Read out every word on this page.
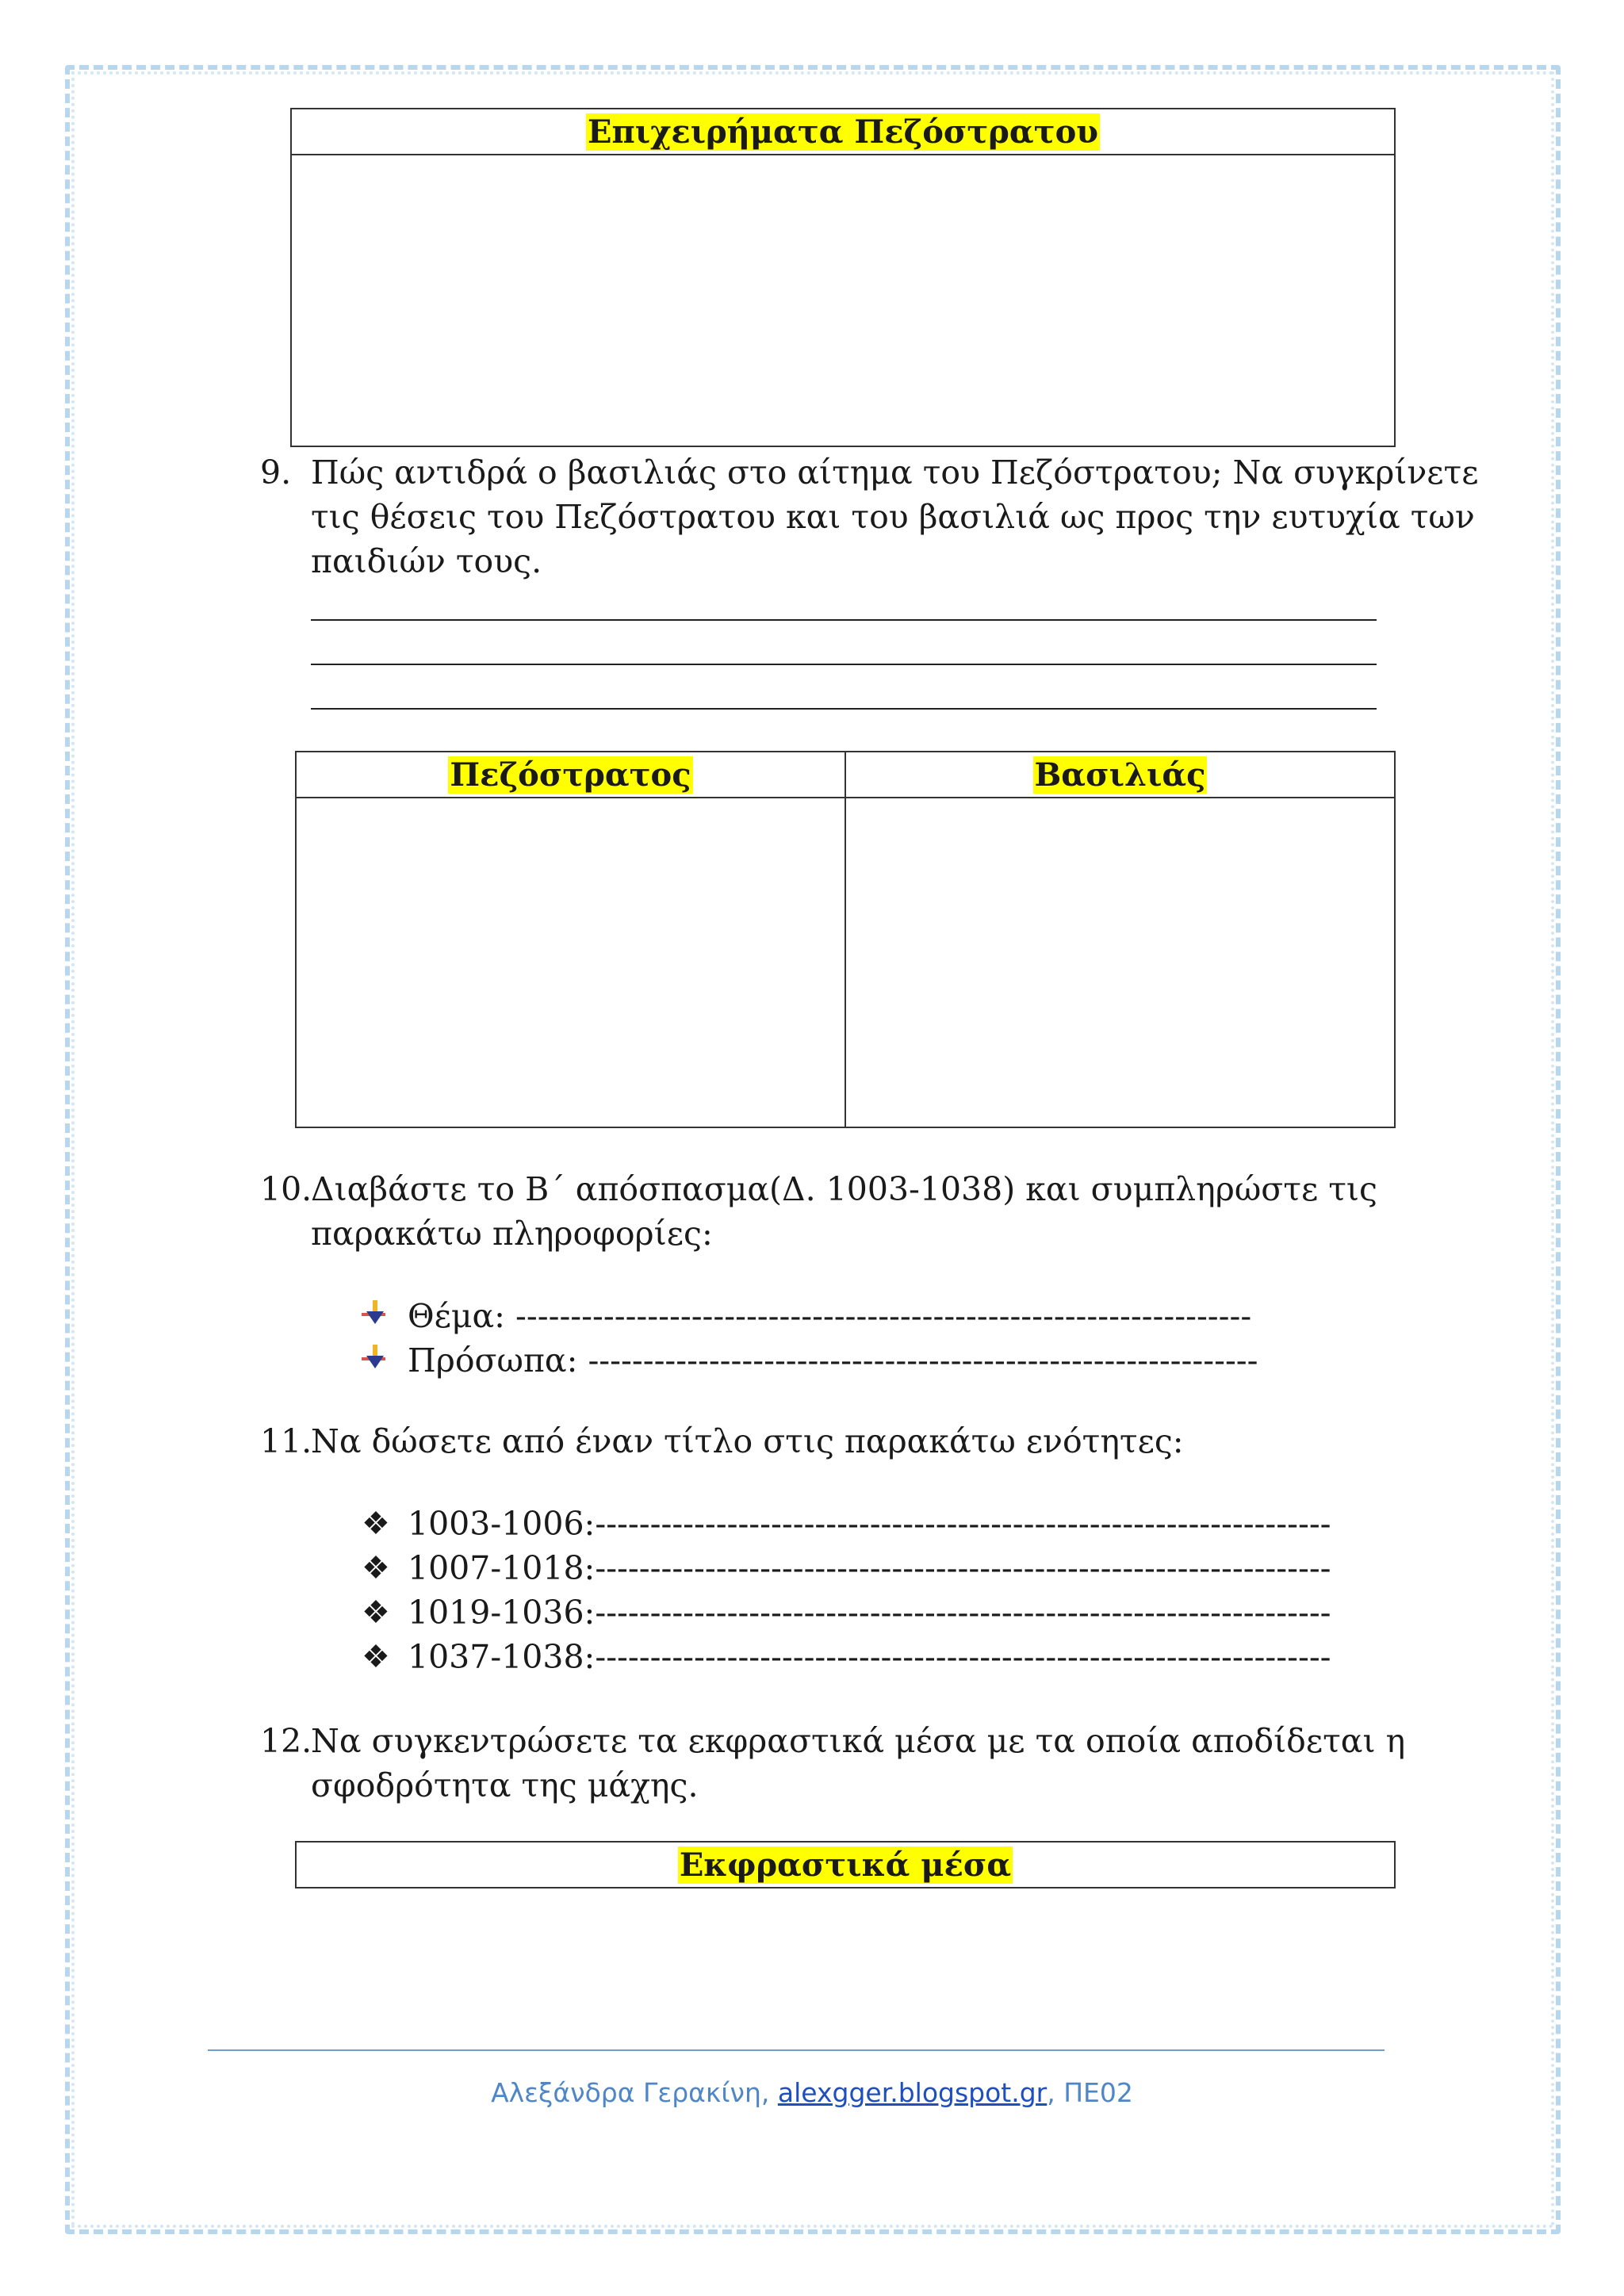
Επιχειρήματα Πεζόστρατου
9. Πώς αντιδρά ο βασιλιάς στο αίτημα του Πεζόστρατου; Να συγκρίνετε
τις θέσεις του Πεζόστρατου και του βασιλιά ως προς την ευτυχία των
παιδιών τους.
Πεζόστρατος	Βασιλιάς
10.
Διαβάστε το Β΄ απόσπασμα(Δ. 1003-1038) και συμπληρώστε τις
παρακάτω πληροφορίες:
Θέμα: -------------------------------------------------------------------
Πρόσωπα: -------------------------------------------------------------
11.
Να δώσετε από έναν τίτλο στις παρακάτω ενότητες:
❖ 1003-1006:-------------------------------------------------------------------
❖ 1007-1018:-------------------------------------------------------------------
❖ 1019-1036:-------------------------------------------------------------------
❖ 1037-1038:-------------------------------------------------------------------
12.
Να συγκεντρώσετε τα εκφραστικά μέσα με τα οποία αποδίδεται η
σφοδρότητα της μάχης.
Εκφραστικά μέσα
Αλεξάνδρα Γερακίνη, alexgger.blogspot.gr, ΠΕ02
